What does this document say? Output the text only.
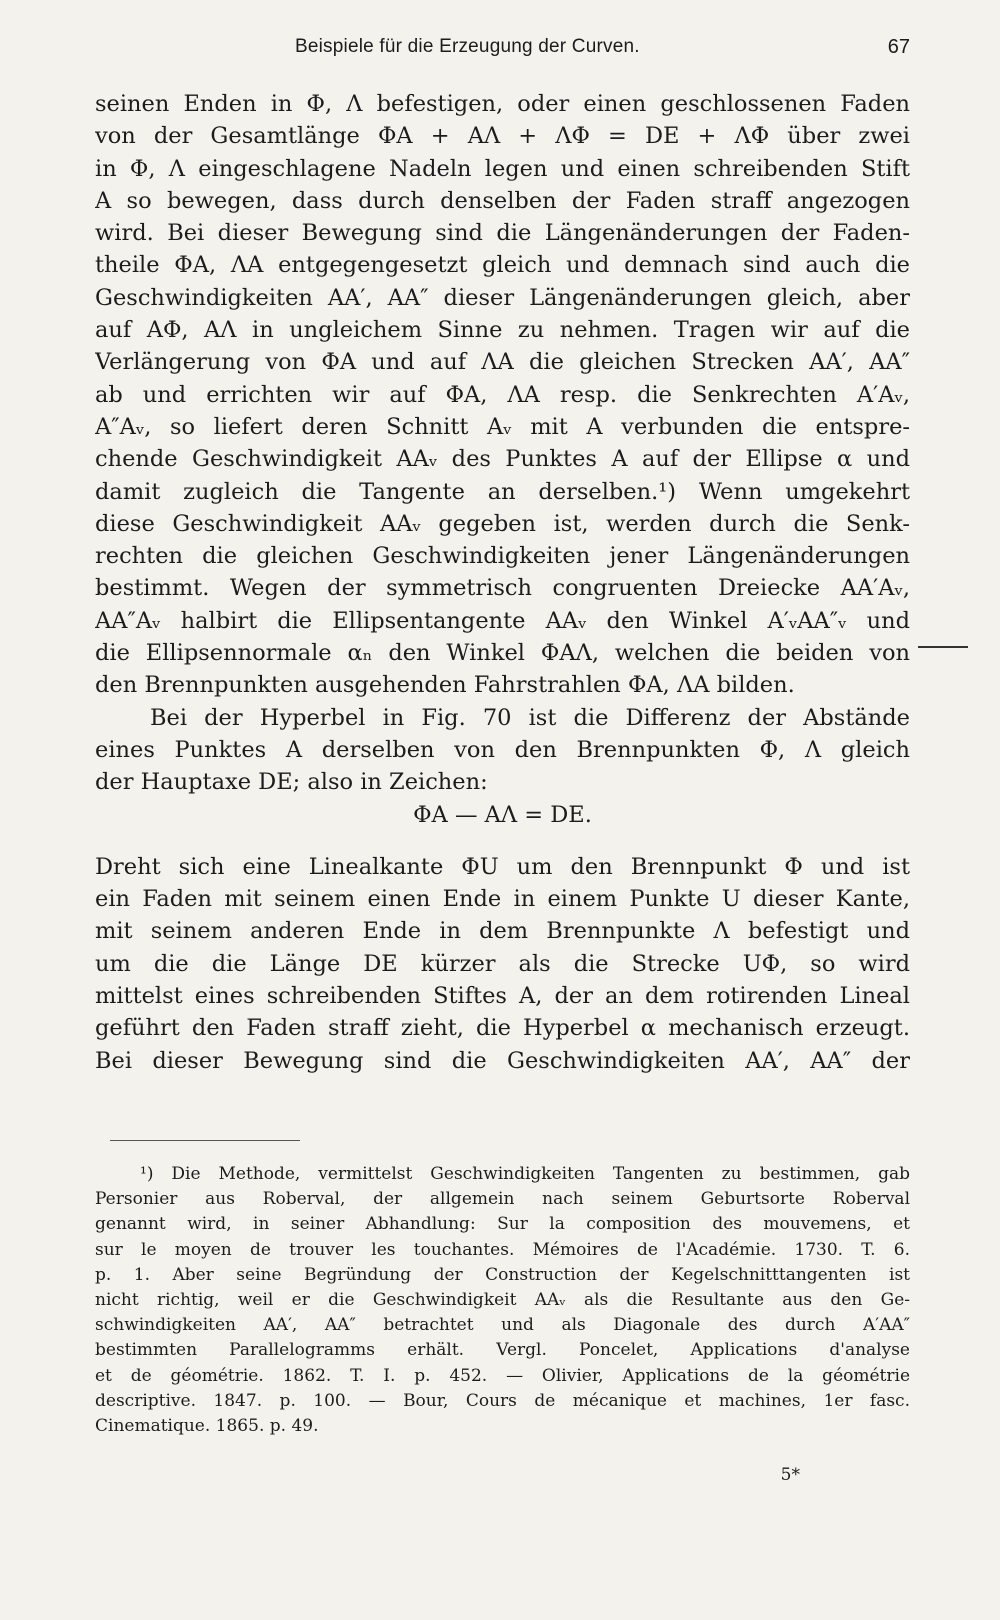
Beispiele für die Erzeugung der Curven.	67
seinen Enden in Φ, Λ befestigen, oder einen geschlossenen Faden
von der Gesamtlänge ΦA + AΛ + ΛΦ = DE + ΛΦ über zwei
in Φ, Λ eingeschlagene Nadeln legen und einen schreibenden Stift
A so bewegen, dass durch denselben der Faden straff angezogen
wird. Bei dieser Bewegung sind die Längenänderungen der Faden-
theile ΦA, ΛA entgegengesetzt gleich und demnach sind auch die
Geschwindigkeiten AA′, AA″ dieser Längenänderungen gleich, aber
auf AΦ, AΛ in ungleichem Sinne zu nehmen. Tragen wir auf die
Verlängerung von ΦA und auf ΛA die gleichen Strecken AA′, AA″
ab und errichten wir auf ΦA, ΛA resp. die Senkrechten A′Aᵥ,
A″Aᵥ, so liefert deren Schnitt Aᵥ mit A verbunden die entspre-
chende Geschwindigkeit AAᵥ des Punktes A auf der Ellipse α und
damit zugleich die Tangente an derselben.¹) Wenn umgekehrt
diese Geschwindigkeit AAᵥ gegeben ist, werden durch die Senk-
rechten die gleichen Geschwindigkeiten jener Längenänderungen
bestimmt. Wegen der symmetrisch congruenten Dreiecke AA′Aᵥ,
AA″Aᵥ halbirt die Ellipsentangente AAᵥ den Winkel A′ᵥAA″ᵥ und
die Ellipsennormale αₙ den Winkel ΦAΛ, welchen die beiden von
den Brennpunkten ausgehenden Fahrstrahlen ΦA, ΛA bilden.
Bei der Hyperbel in Fig. 70 ist die Differenz der Abstände
eines Punktes A derselben von den Brennpunkten Φ, Λ gleich
der Hauptaxe DE; also in Zeichen:
ΦA — AΛ = DE.
Dreht sich eine Linealkante ΦU um den Brennpunkt Φ und ist
ein Faden mit seinem einen Ende in einem Punkte U dieser Kante,
mit seinem anderen Ende in dem Brennpunkte Λ befestigt und
um die die Länge DE kürzer als die Strecke UΦ, so wird
mittelst eines schreibenden Stiftes A, der an dem rotirenden Lineal
geführt den Faden straff zieht, die Hyperbel α mechanisch erzeugt.
Bei dieser Bewegung sind die Geschwindigkeiten AA′, AA″ der
¹) Die Methode, vermittelst Geschwindigkeiten Tangenten zu bestimmen, gab
Personier aus Roberval, der allgemein nach seinem Geburtsorte Roberval
genannt wird, in seiner Abhandlung: Sur la composition des mouvemens, et
sur le moyen de trouver les touchantes. Mémoires de l'Académie. 1730. T. 6.
p. 1. Aber seine Begründung der Construction der Kegelschnitttangenten ist
nicht richtig, weil er die Geschwindigkeit AAᵥ als die Resultante aus den Ge-
schwindigkeiten AA′, AA″ betrachtet und als Diagonale des durch A′AA″
bestimmten Parallelogramms erhält. Vergl. Poncelet, Applications d'analyse
et de géométrie. 1862. T. I. p. 452. — Olivier, Applications de la géométrie
descriptive. 1847. p. 100. — Bour, Cours de mécanique et machines, 1er fasc.
Cinematique. 1865. p. 49.
5*
